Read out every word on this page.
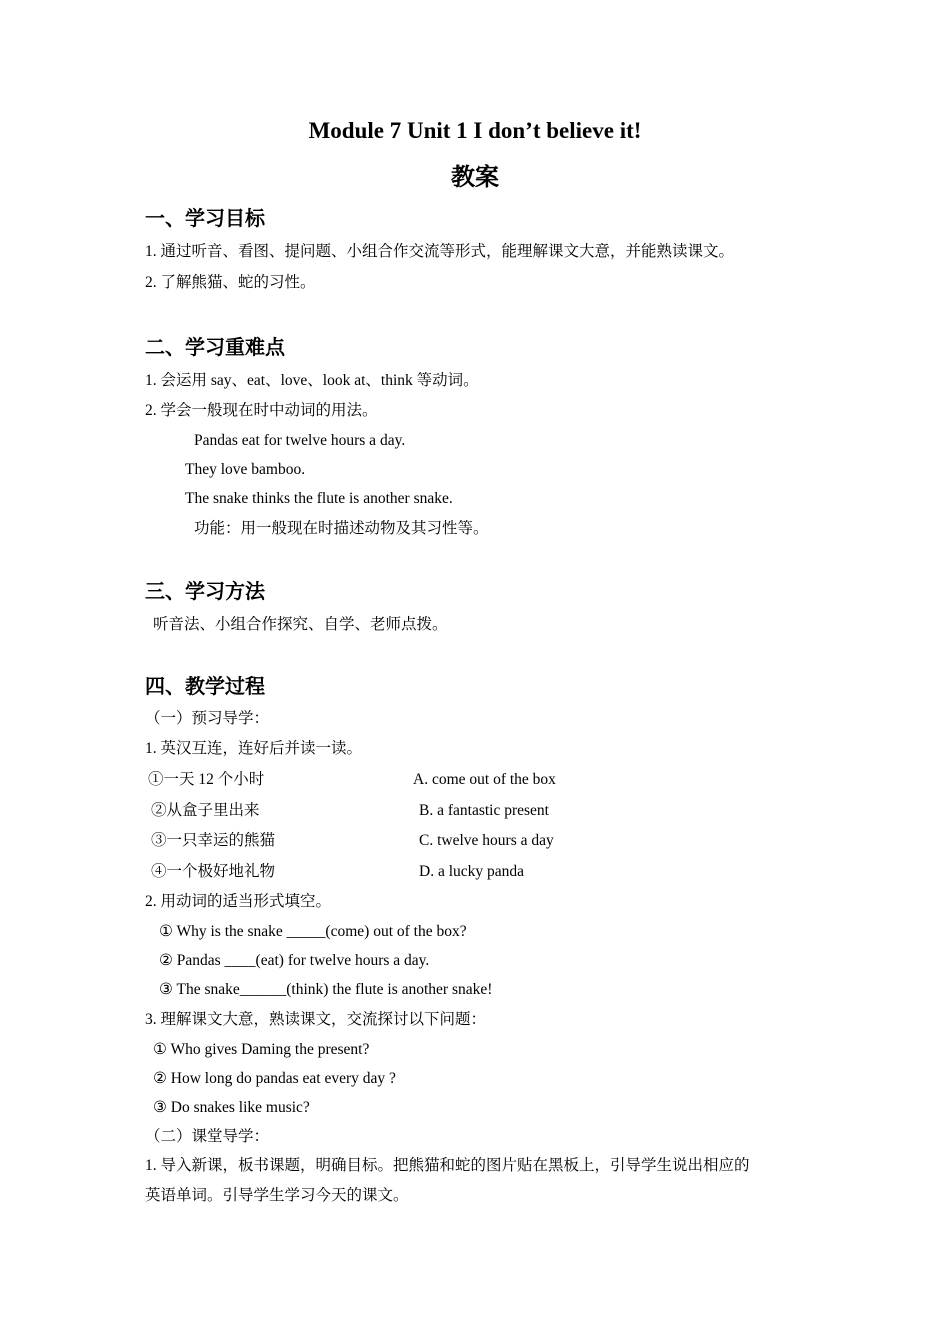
Module 7 Unit 1 I don’t believe it!
教案
一、学习目标
1. 通过听音、看图、提问题、小组合作交流等形式，能理解课文大意，并能熟读课文。
2. 了解熊猫、蛇的习性。
二、学习重难点
1. 会运用 say、eat、love、look at、think 等动词。
2. 学会一般现在时中动词的用法。
Pandas eat for twelve hours a day.
They love bamboo.
The snake thinks the flute is another snake.
功能：用一般现在时描述动物及其习性等。
三、学习方法
听音法、小组合作探究、自学、老师点拨。
四、教学过程
（一）预习导学：
1. 英汉互连，连好后并读一读。
①一天 12 个小时
②从盒子里出来
③一只幸运的熊猫
④一个极好地礼物
A. come out of the box
B. a fantastic present
C. twelve hours a day
D. a lucky panda
2. 用动词的适当形式填空。
① Why is the snake _____(come) out of the box?
② Pandas ____(eat) for twelve hours a day.
③ The snake______(think) the flute is another snake!
3. 理解课文大意，熟读课文，交流探讨以下问题：
① Who gives Daming the present?
② How long do pandas eat every day ?
③ Do snakes like music?
（二）课堂导学：
1. 导入新课，板书课题，明确目标。把熊猫和蛇的图片贴在黑板上，引导学生说出相应的
英语单词。引导学生学习今天的课文。
